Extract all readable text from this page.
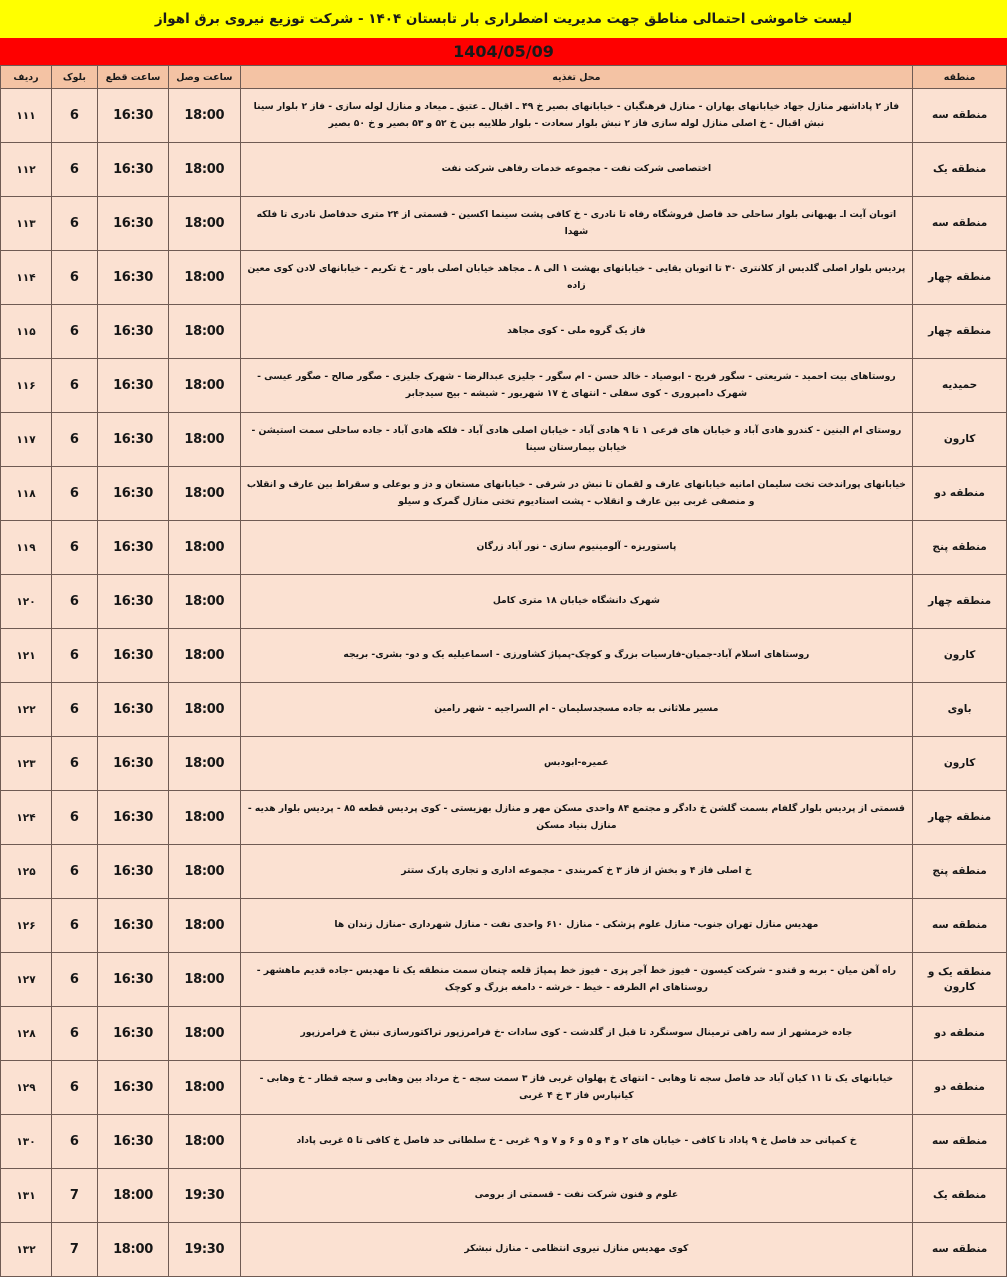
لیست خاموشی احتمالی مناطق جهت مدیریت اضطراری بار تابستان ۱۴۰۴ - شرکت توزیع نیروی برق اهواز
1404/05/09
منطقه	محل تغذیه	ساعت وصل	ساعت قطع	بلوک	ردیف
منطقه سه	فاز ۲ پاداشهر منازل جهاد خیابانهای بهاران - منازل فرهنگیان - خیابانهای بصیر خ ۴۹ ـ اقبال ـ عتیق ـ میعاد و منازل لوله سازی - فاز ۲ بلوار سینا نبش اقبال - خ اصلی منازل لوله سازی فاز ۲ نبش بلوار سعادت - بلوار طلاییه بین خ ۵۲ و ۵۳ بصیر و خ ۵۰ بصیر	18:00	16:30	6	۱۱۱
منطقه یک	اختصاصی شرکت نفت - مجموعه خدمات رفاهی شرکت نفت	18:00	16:30	6	۱۱۲
منطقه سه	اتوبان آیت اـ بهبهانی بلوار ساحلی حد فاصل فروشگاه رفاه تا نادری - خ کافی پشت سینما اکسین - قسمتی از ۲۴ متری حدفاصل نادری تا فلکه شهدا	18:00	16:30	6	۱۱۳
منطقه چهار	پردیس بلوار اصلی گلدیس از کلانتری ۳۰ تا اتوبان بقایی - خیابانهای بهشت ۱ الی ۸ ـ مجاهد خیابان اصلی باور - خ تکریم - خیابانهای لادن کوی معین زاده	18:00	16:30	6	۱۱۴
منطقه چهار	فاز یک گروه ملی - کوی مجاهد	18:00	16:30	6	۱۱۵
حمیدیه	روستاهای بیت احمید - شریعتی - سگور فریح - ابوصیاد - خالد حسن - ام سگور - جلیزی عبدالرضا - شهرک جلیزی - صگور صالح - صگور عیسی - شهرک دامپروری - کوی سفلی - انتهای خ ۱۷ شهریور - شیشه - بیج سیدجابر	18:00	16:30	6	۱۱۶
کارون	روستای ام البنین - کندرو هادی آباد و خیابان های فرعی ۱ تا ۹ هادی آباد - خیابان اصلی هادی آباد - فلکه هادی آباد - جاده ساحلی سمت استیشن - خیابان بیمارستان سینا	18:00	16:30	6	۱۱۷
منطقه دو	خیابانهای پوراندخت تخت سلیمان امانیه خیابانهای عارف و لقمان تا نبش در شرقی - خیابانهای مستعان و دز و بوعلی و سقراط بین عارف و انقلاب و منصفی غربی بین عارف و انقلاب - پشت استادیوم تختی منازل گمرک و سیلو	18:00	16:30	6	۱۱۸
منطقه پنج	پاستوریزه - آلومینیوم سازی - نور آباد زرگان	18:00	16:30	6	۱۱۹
منطقه چهار	شهرک دانشگاه خیابان ۱۸ متری کامل	18:00	16:30	6	۱۲۰
کارون	روستاهای اسلام آباد-جمیان-فارسیات بزرگ و کوچک-پمپاژ کشاورزی - اسماعیلیه یک و دو- بشری- بریجه	18:00	16:30	6	۱۲۱
باوی	مسیر ملاثانی به جاده مسجدسلیمان - ام السراجیه - شهر رامین	18:00	16:30	6	۱۲۲
کارون	عمیره-ابودبس	18:00	16:30	6	۱۲۳
منطقه چهار	قسمتی از پردیس بلوار گلفام بسمت گلشن خ دادگر و مجتمع ۸۴ واحدی مسکن مهر و منازل بهزیستی - کوی پردیس قطعه ۸۵ - پردیس بلوار هدیه - منازل بنیاد مسکن	18:00	16:30	6	۱۲۴
منطقه پنج	خ اصلی فاز ۴ و بخش از فاز ۳ خ کمربندی - مجموعه اداری و تجاری پارک ستتر	18:00	16:30	6	۱۲۵
منطقه سه	مهدیس منازل تهران جنوب- منازل علوم پزشکی - منازل ۶۱۰ واحدی نفت - منازل شهرداری -منازل زندان ها	18:00	16:30	6	۱۲۶
منطقه یک و کارون	راه آهن میان - بربه و قندو - شرکت کیسون - فیوز خط آجر پزی - فیوز خط پمپاژ قلعه چنعان سمت منطقه یک تا مهدیس -جاده قدیم ماهشهر - روستاهای ام الطرفه - خیط - خرشه - دامغه بزرگ و کوچک	18:00	16:30	6	۱۲۷
منطقه دو	جاده خرمشهر از سه راهی ترمینال سوسنگرد تا قبل از گلدشت - کوی سادات -خ فرامرزپور تراکتورسازی نبش خ فرامرزپور	18:00	16:30	6	۱۲۸
منطقه دو	خیابانهای یک تا ۱۱ کیان آباد حد فاصل سجه تا وهابی - انتهای خ پهلوان غربی فاز ۳ سمت سجه - خ مرداد بین وهابی و سجه قطار - خ وهابی - کیانپارس فاز ۳ خ ۴ غربی	18:00	16:30	6	۱۲۹
منطقه سه	خ کمپانی حد فاصل خ ۹ پاداد تا کافی - خیابان های ۲ و ۴ و ۵ و ۶ و ۷ و ۹ غربی - خ سلطانی حد فاصل خ کافی تا ۵ غربی پاداد	18:00	16:30	6	۱۳۰
منطقه یک	علوم و فنون شرکت نفت - قسمتی از برومی	19:30	18:00	7	۱۳۱
منطقه سه	کوی مهدیس منازل نیروی انتظامی - منازل نبشکر	19:30	18:00	7	۱۳۲
